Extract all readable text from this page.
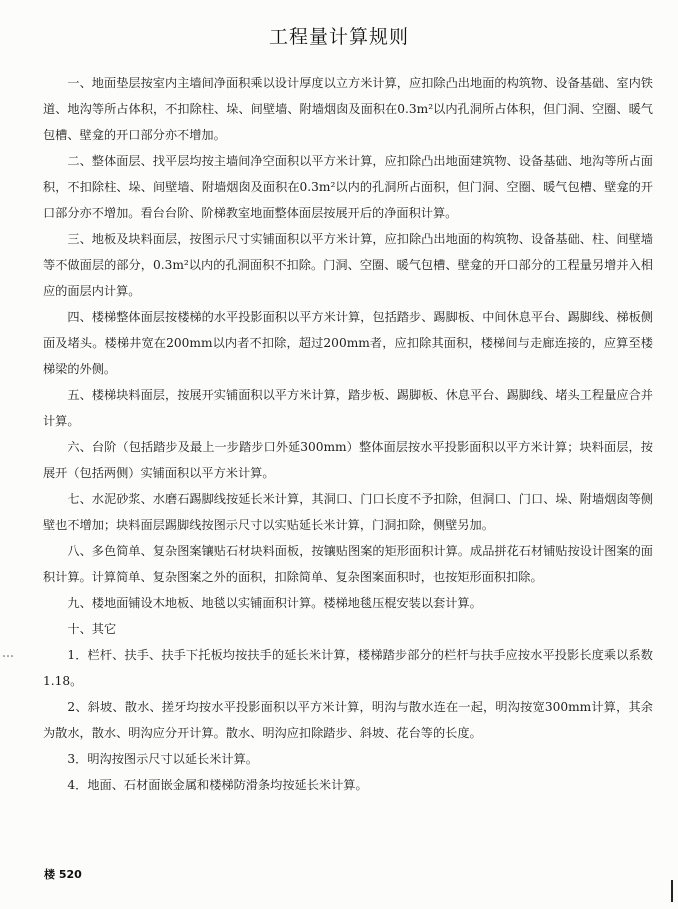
工程量计算规则

一、地面垫层按室内主墙间净面积乘以设计厚度以立方米计算，应扣除凸出地面的构筑物、设备基础、室内铁道、地沟等所占体积，不扣除柱、垛、间壁墙、附墙烟囱及面积在0.3m²以内孔洞所占体积，但门洞、空圈、暖气包槽、壁龛的开口部分亦不增加。

二、整体面层、找平层均按主墙间净空面积以平方米计算，应扣除凸出地面建筑物、设备基础、地沟等所占面积，不扣除柱、垛、间壁墙、附墙烟囱及面积在0.3m²以内的孔洞所占面积，但门洞、空圈、暖气包槽、壁龛的开口部分亦不增加。看台台阶、阶梯教室地面整体面层按展开后的净面积计算。

三、地板及块料面层，按图示尺寸实铺面积以平方米计算，应扣除凸出地面的构筑物、设备基础、柱、间壁墙等不做面层的部分，0.3m²以内的孔洞面积不扣除。门洞、空圈、暖气包槽、壁龛的开口部分的工程量另增并入相应的面层内计算。

四、楼梯整体面层按楼梯的水平投影面积以平方米计算，包括踏步、踢脚板、中间休息平台、踢脚线、梯板侧面及堵头。楼梯井宽在200mm以内者不扣除，超过200mm者，应扣除其面积，楼梯间与走廊连接的，应算至楼梯梁的外侧。

五、楼梯块料面层，按展开实铺面积以平方米计算，踏步板、踢脚板、休息平台、踢脚线、堵头工程量应合并计算。

六、台阶（包括踏步及最上一步踏步口外延300mm）整体面层按水平投影面积以平方米计算；块料面层，按展开（包括两侧）实铺面积以平方米计算。

七、水泥砂浆、水磨石踢脚线按延长米计算，其洞口、门口长度不予扣除，但洞口、门口、垛、附墙烟囱等侧壁也不增加；块料面层踢脚线按图示尺寸以实贴延长米计算，门洞扣除，侧壁另加。

八、多色简单、复杂图案镶贴石材块料面板，按镶贴图案的矩形面积计算。成品拼花石材铺贴按设计图案的面积计算。计算简单、复杂图案之外的面积，扣除简单、复杂图案面积时，也按矩形面积扣除。

九、楼地面铺设木地板、地毯以实铺面积计算。楼梯地毯压棍安装以套计算。

十、其它

1．栏杆、扶手、扶手下托板均按扶手的延长米计算，楼梯踏步部分的栏杆与扶手应按水平投影长度乘以系数1.18。

2、斜坡、散水、搓牙均按水平投影面积以平方米计算，明沟与散水连在一起，明沟按宽300mm计算，其余为散水，散水、明沟应分开计算。散水、明沟应扣除踏步、斜坡、花台等的长度。

3．明沟按图示尺寸以延长米计算。

4．地面、石材面嵌金属和楼梯防滑条均按延长米计算。

楼 520
